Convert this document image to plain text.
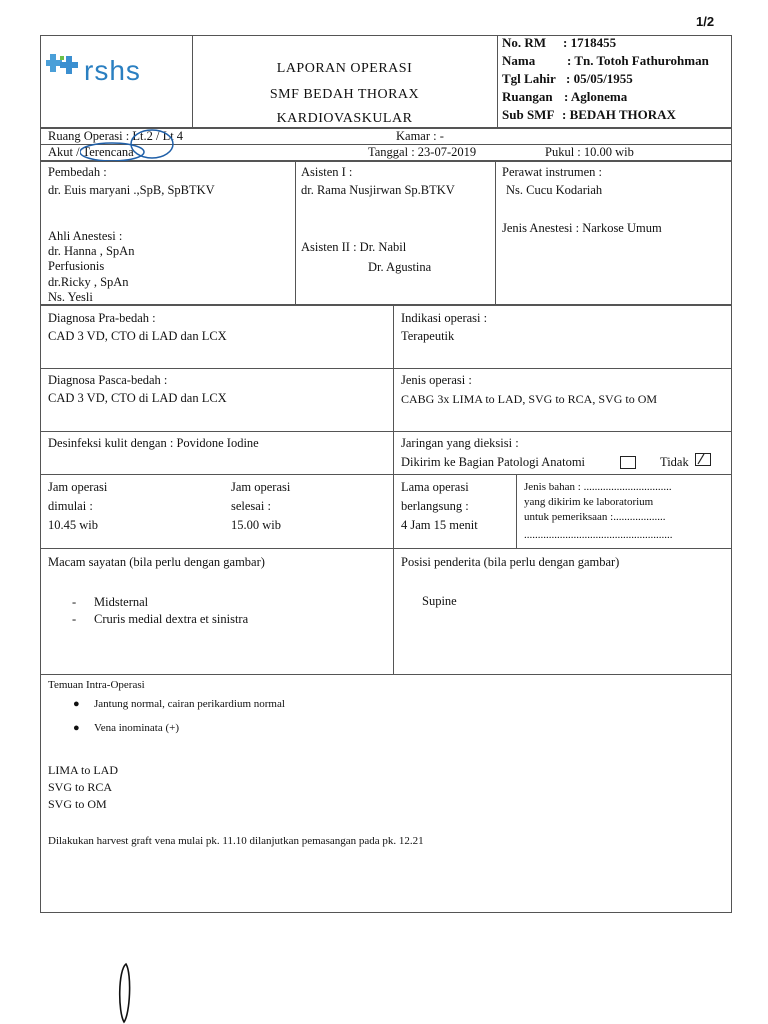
1/2
rshs	LAPORAN OPERASI
SMF BEDAH THORAX
KARDIOVASKULAR
No. RM : 1718455
Nama : Tn. Totoh Fathurohman
Tgl Lahir : 05/05/1955
Ruangan : Aglonema
Sub SMF : BEDAH THORAX
Ruang Operasi : Lt.2 / Lt 4	Kamar : -
Akut / Terencana	Tanggal : 23-07-2019	Pukul : 10.00 wib
Pembedah :
dr. Euis maryani .,SpB, SpBTKV
Ahli Anestesi :
dr. Hanna , SpAn
Perfusionis
dr.Ricky , SpAn
Ns. Yesli
Asisten I :
dr. Rama Nusjirwan Sp.BTKV
Asisten II : Dr. Nabil
Dr. Agustina
Perawat instrumen :
Ns. Cucu Kodariah
Jenis Anestesi : Narkose Umum
Diagnosa Pra-bedah :
CAD 3 VD, CTO di LAD dan LCX
Indikasi operasi :
Terapeutik
Diagnosa Pasca-bedah :
CAD 3 VD, CTO di LAD dan LCX
Jenis operasi :
CABG 3x LIMA to LAD, SVG to RCA, SVG to OM
Desinfeksi kulit dengan : Povidone Iodine	Jaringan yang dieksisi :
Dikirim ke Bagian Patologi Anatomi	Tidak
Jam operasi
dimulai :
10.45 wib
Jam operasi
selesai :
15.00 wib
Lama operasi
berlangsung :
4 Jam 15 menit
Jenis bahan : ................................
yang dikirim ke laboratorium
untuk pemeriksaan :...................
......................................................
Macam sayatan (bila perlu dengan gambar)
- Midsternal
- Cruris medial dextra et sinistra
Posisi penderita (bila perlu dengan gambar)
Supine
Temuan Intra-Operasi
● Jantung normal, cairan perikardium normal
● Vena inominata (+)
LIMA to LAD
SVG to RCA
SVG to OM
Dilakukan harvest graft vena mulai pk. 11.10 dilanjutkan pemasangan pada pk. 12.21
